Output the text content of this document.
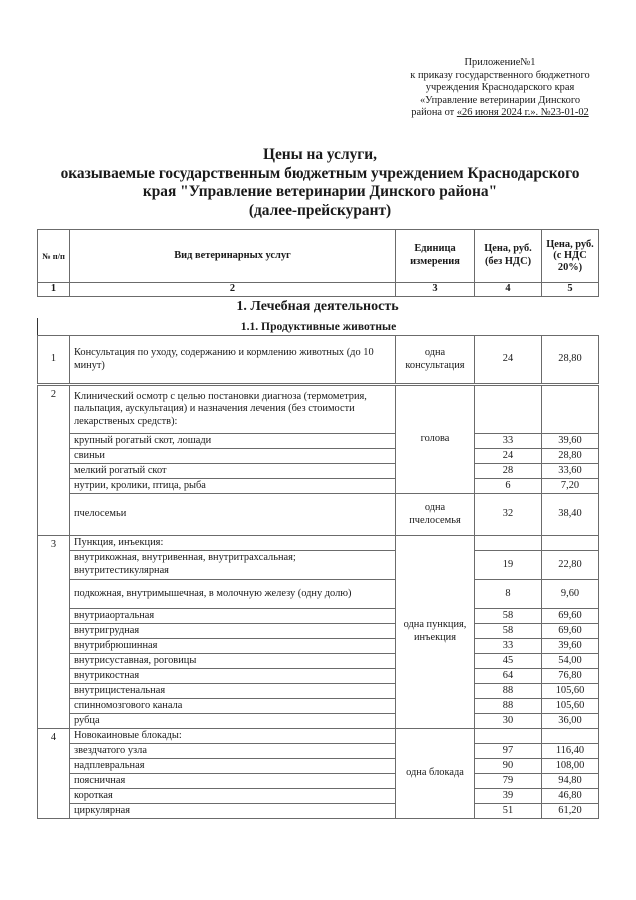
Приложение№1
к приказу государственного бюджетного
учреждения Краснодарского края
«Управление ветеринарии Динского
района от «26 июня 2024 г.». №23-01-02
Цены на услуги,
оказываемые государственным бюджетным учреждением Краснодарского
края "Управление ветеринарии Динского района"
(далее-прейскурант)
№ п/п	Вид ветеринарных услуг	Единица измерения	Цена, руб. (без НДС)	Цена, руб. (с НДС 20%)
1	2	3	4	5
1. Лечебная деятельность
1.1. Продуктивные животные
1	Консультация по уходу, содержанию и кормлению животных (до 10 минут)	одна консультация	24	28,80
2	Клинический осмотр с целью постановки диагноза (термометрия, пальпация, аускультация) и назначения лечения (без стоимости лекарственых средств):	голова		
	крупный рогатый скот, лошади		33	39,60
	свиньи		24	28,80
	мелкий рогатый скот		28	33,60
	нутрии, кролики, птица, рыба		6	7,20
	пчелосемьи	одна пчелосемья	32	38,40
3	Пункция, инъекция:	одна пункция, инъекция		
	внутрикожная, внутривенная, внутритрахсальная; внутритестикулярная		19	22,80
	подкожная, внутримышечная, в молочную железу (одну долю)		8	9,60
	внутриаортальная		58	69,60
	внутригрудная		58	69,60
	внутрибрюшинная		33	39,60
	внутрисуставная, роговицы		45	54,00
	внутрикостная		64	76,80
	внутрицистенальная		88	105,60
	спинномозгового канала		88	105,60
	рубца		30	36,00
4	Новокаиновые блокады:	одна блокада		
	звездчатого узла		97	116,40
	надплевральная		90	108,00
	поясничная		79	94,80
	короткая		39	46,80
	циркулярная		51	61,20
